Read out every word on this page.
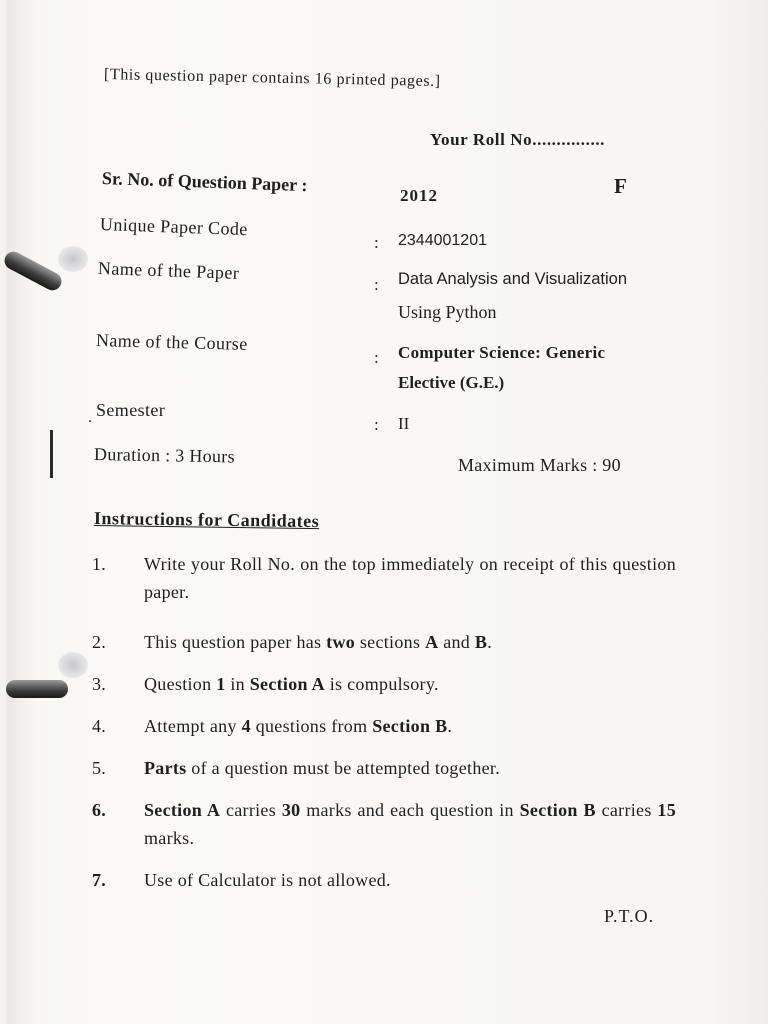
[This question paper contains 16 printed pages.]
Your Roll No...............
Sr. No. of Question Paper :
2012	F
Unique Paper Code
: 2344001201
Name of the Paper
: Data Analysis and Visualization
Using Python
Name of the Course
: Computer Science: Generic
Elective (G.E.)
. Semester
: II
Duration : 3 Hours	Maximum Marks : 90
Instructions for Candidates
1. Write your Roll No. on the top immediately on receipt of this question paper.
2. This question paper has two sections A and B.
3. Question 1 in Section A is compulsory.
4. Attempt any 4 questions from Section B.
5. Parts of a question must be attempted together.
6. Section A carries 30 marks and each question in Section B carries 15 marks.
7. Use of Calculator is not allowed.
P.T.O.
